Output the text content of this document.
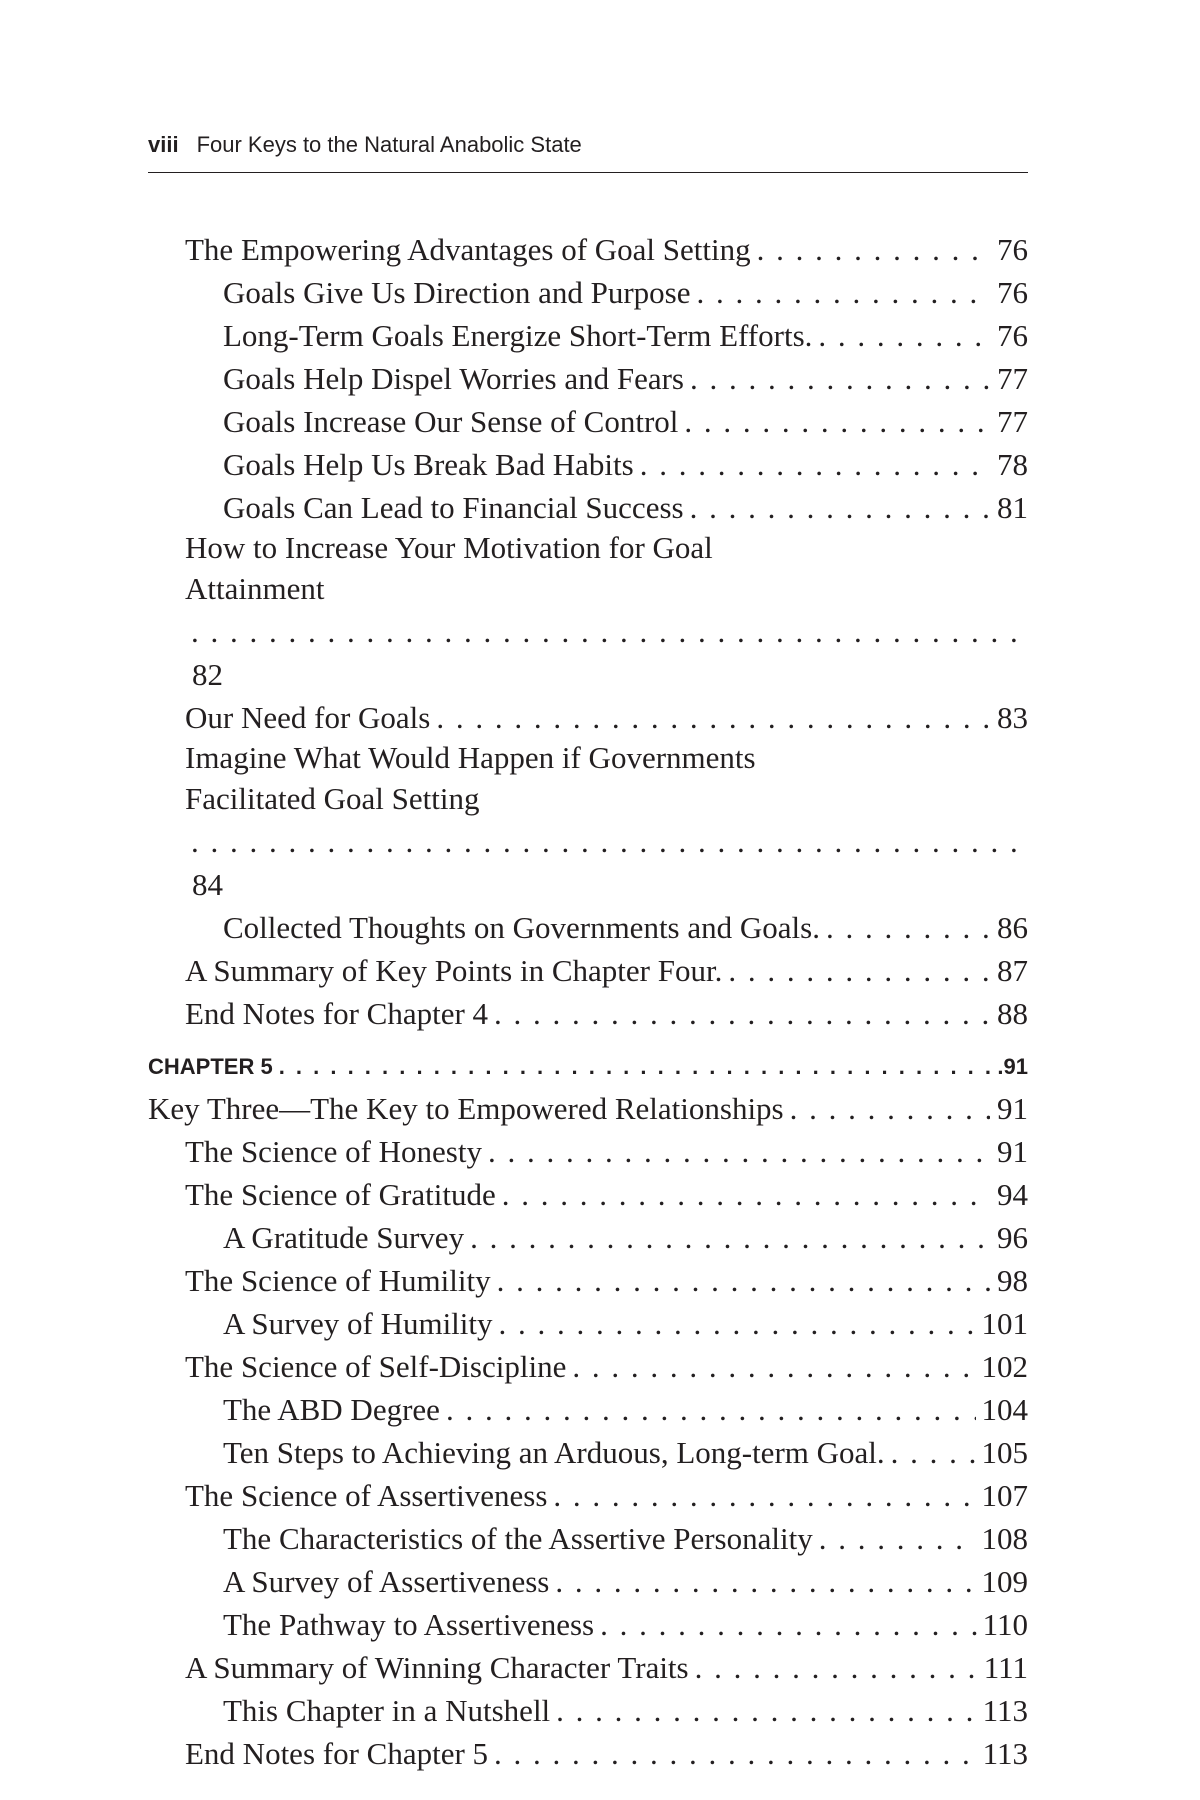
viii Four Keys to the Natural Anabolic State
The Empowering Advantages of Goal Setting . . .	76
Goals Give Us Direction and Purpose . . .	76
Long-Term Goals Energize Short-Term Efforts. . . .	76
Goals Help Dispel Worries and Fears . . .	77
Goals Increase Our Sense of Control . . .	77
Goals Help Us Break Bad Habits . . .	78
Goals Can Lead to Financial Success . . .	81
How to Increase Your Motivation for Goal
Attainment
. . .
82
Our Need for Goals . . .	83
Imagine What Would Happen if Governments
Facilitated Goal Setting
. . .
84
Collected Thoughts on Governments and Goals. . . .	86
A Summary of Key Points in Chapter Four. . . .	87
End Notes for Chapter 4 . . .	88
CHAPTER 5 . . .	.91
Key Three—The Key to Empowered Relationships . . .	91
The Science of Honesty . . .	91
The Science of Gratitude . . .	94
A Gratitude Survey . . .	96
The Science of Humility . . .	98
A Survey of Humility . . .	101
The Science of Self-Discipline . . .	102
The ABD Degree . . .	104
Ten Steps to Achieving an Arduous, Long-term Goal. . . .	105
The Science of Assertiveness . . .	107
The Characteristics of the Assertive Personality . . .	108
A Survey of Assertiveness . . .	109
The Pathway to Assertiveness . . .	110
A Summary of Winning Character Traits . . .	111
This Chapter in a Nutshell . . .	113
End Notes for Chapter 5 . . .	113
